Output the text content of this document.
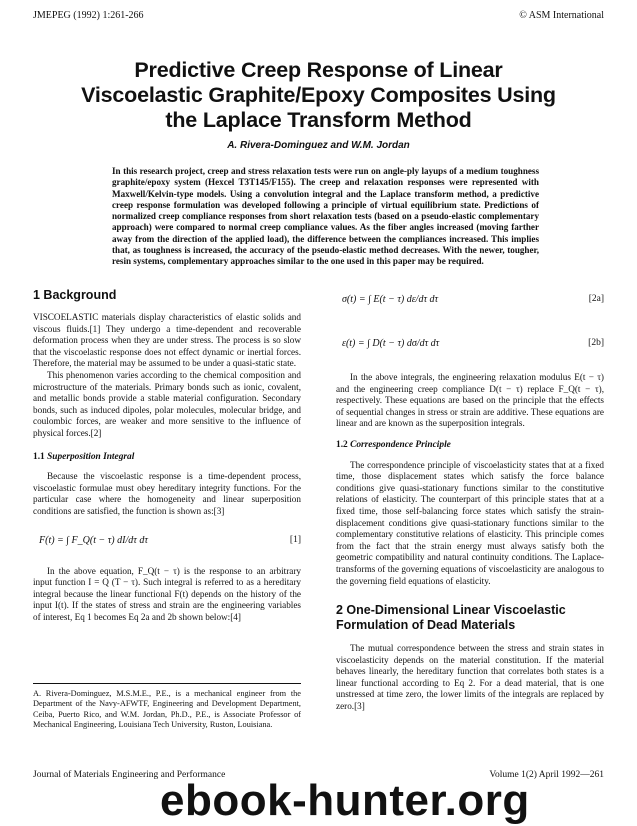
JMEPEG (1992) 1:261-266	© ASM International
Predictive Creep Response of Linear
Viscoelastic Graphite/Epoxy Composites Using
the Laplace Transform Method
A. Rivera-Dominguez and W.M. Jordan
In this research project, creep and stress relaxation tests were run on angle-ply layups of a medium toughness graphite/epoxy system (Hexcel T3T145/F155). The creep and relaxation responses were represented with Maxwell/Kelvin-type models. Using a convolution integral and the Laplace transform method, a predictive creep response formulation was developed following a principle of virtual equilibrium state. Predictions of normalized creep compliance responses from short relaxation tests (based on a pseudo-elastic complementary approach) were compared to normal creep compliance values. As the fiber angles increased (moving farther away from the direction of the applied load), the difference between the compliances increased. This implies that, as toughness is increased, the accuracy of the pseudo-elastic method decreases. With the newer, tougher, resin systems, complementary approaches similar to the one used in this paper may be required.
1 Background

VISCOELASTIC materials display characteristics of elastic solids and viscous fluids.[1] They undergo a time-dependent and recoverable deformation process when they are under stress. The process is so slow that the viscoelastic response does not effect dynamic or inertial forces. Therefore, the material may be assumed to be under a quasi-static state.

This phenomenon varies according to the chemical composition and microstructure of the materials. Primary bonds such as ionic, covalent, and metallic bonds provide a stable material configuration. Secondary bonds, such as induced dipoles, polar molecules, molecular bridge, and coulombic forces, are weaker and more sensitive to the influence of physical forces.[2]

1.1 Superposition Integral

Because the viscoelastic response is a time-dependent process, viscoelastic formulae must obey hereditary integrity functions. For the particular case where the homogeneity and linear superposition conditions are satisfied, the function is shown as:[3]

F(t) = ∫ F_Q(t − τ) dI/dτ dτ	[1]

In the above equation, F_Q(t − τ) is the response to an arbitrary input function I = Q (T − τ). Such integral is referred to as a hereditary integral because the linear functional F(t) depends on the history of the input I(t). If the states of stress and strain are the engineering variables of interest, Eq 1 becomes Eq 2a and 2b shown below:[4]

A. Rivera-Dominguez, M.S.M.E., P.E., is a mechanical engineer from the Department of the Navy-AFWTF, Engineering and Development Department, Ceiba, Puerto Rico, and W.M. Jordan, Ph.D., P.E., is Associate Professor of Mechanical Engineering, Louisiana Tech University, Ruston, Louisiana.
σ(t) = ∫ E(t − τ) dε/dτ dτ	[2a]
ε(t) = ∫ D(t − τ) dσ/dτ dτ	[2b]

In the above integrals, the engineering relaxation modulus E(t − τ) and the engineering creep compliance D(t − τ) replace F_Q(t − τ), respectively. These equations are based on the principle that the effects of sequential changes in stress or strain are additive. These equations are linear and are known as the superposition integrals.

1.2 Correspondence Principle

The correspondence principle of viscoelasticity states that at a fixed time, those displacement states which satisfy the force balance conditions give quasi-stationary functions similar to the constitutive relations of elasticity. The counterpart of this principle states that at a fixed time, those self-balancing force states which satisfy the strain-displacement conditions give quasi-stationary functions similar to the complementary constitutive relations of elasticity. This principle comes from the fact that the strain energy must always satisfy both the geometric compatibility and natural continuity conditions. The Laplace-transforms of the governing equations of viscoelasticity are analogous to the governing field equations of elasticity.

2 One-Dimensional Linear Viscoelastic
Formulation of Dead Materials

The mutual correspondence between the stress and strain states in viscoelasticity depends on the material constitution. If the material behaves linearly, the hereditary function that correlates both states is a linear functional according to Eq 2. For a dead material, that is one unstressed at time zero, the lower limits of the integrals are replaced by zero.[3]

Journal of Materials Engineering and Performance	Volume 1(2) April 1992—261
ebook-hunter.org
